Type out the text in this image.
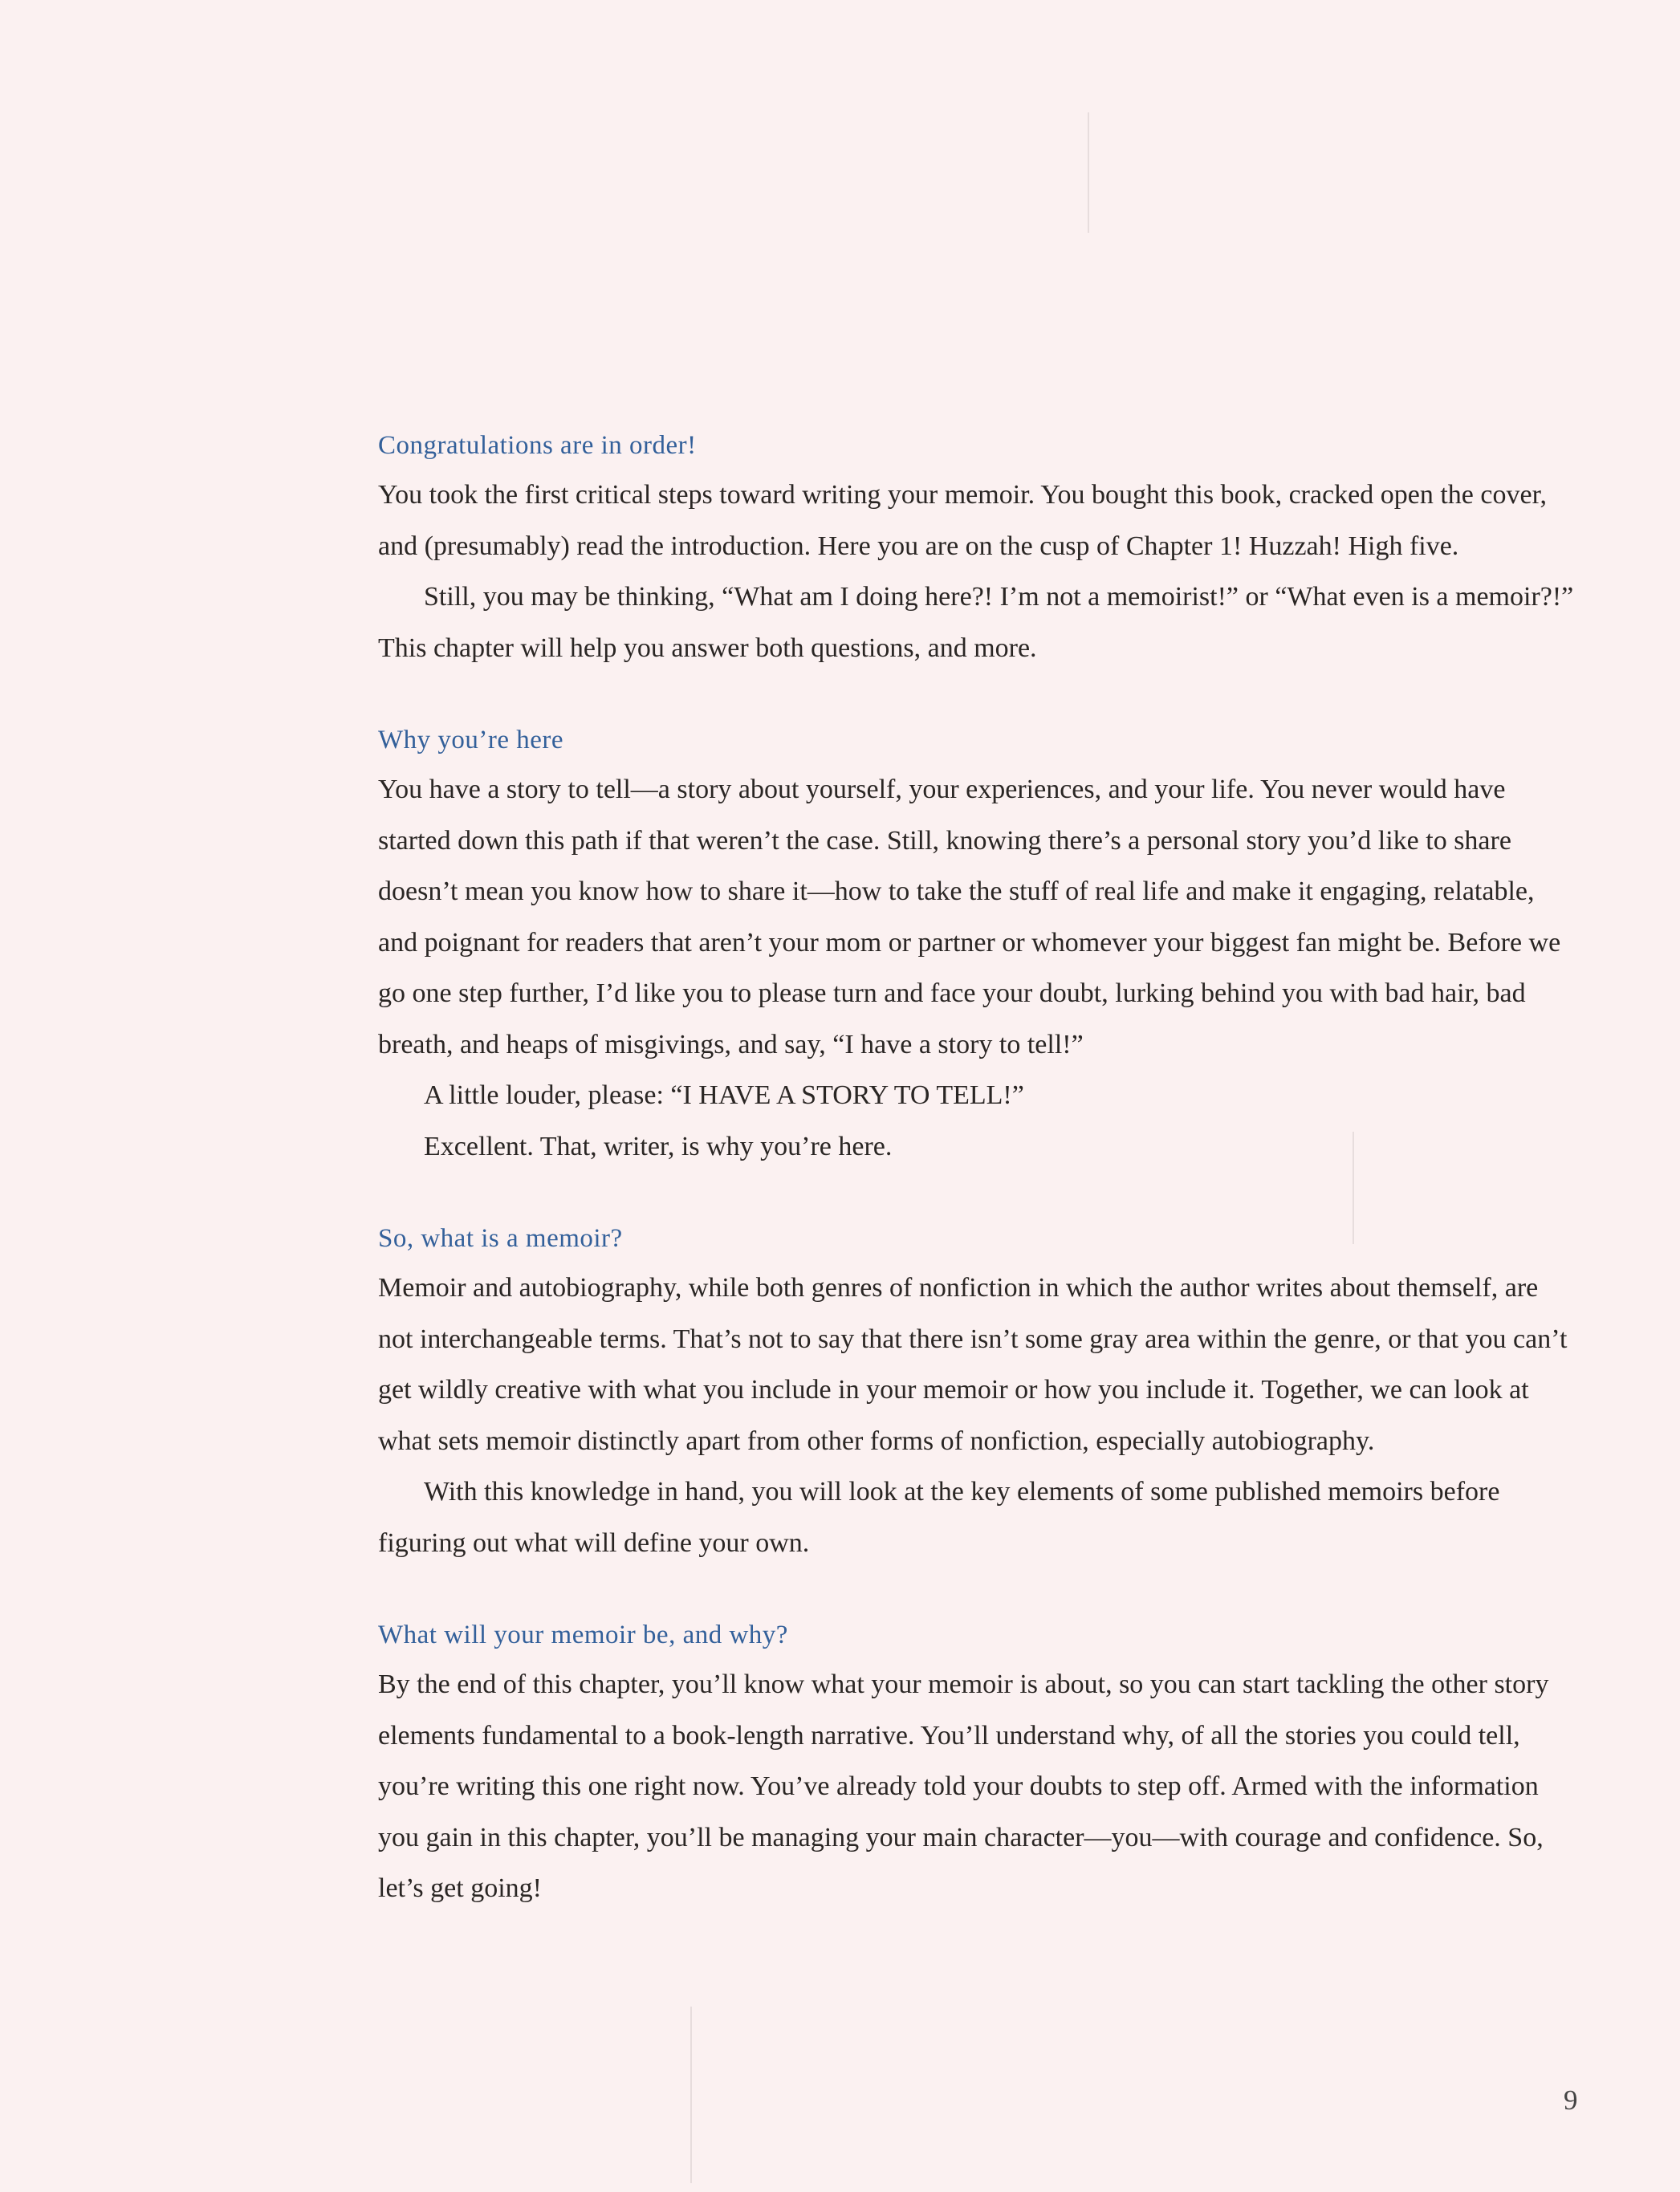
Congratulations are in order!

You took the first critical steps toward writing your memoir. You bought this book, cracked open the cover, and (presumably) read the introduction. Here you are on the cusp of Chapter 1! Huzzah! High five.

Still, you may be thinking, “What am I doing here?! I’m not a memoirist!” or “What even is a memoir?!” This chapter will help you answer both questions, and more.

Why you’re here

You have a story to tell—a story about yourself, your experiences, and your life. You never would have started down this path if that weren’t the case. Still, knowing there’s a personal story you’d like to share doesn’t mean you know how to share it—how to take the stuff of real life and make it engaging, relatable, and poignant for readers that aren’t your mom or partner or whomever your biggest fan might be. Before we go one step further, I’d like you to please turn and face your doubt, lurking behind you with bad hair, bad breath, and heaps of misgivings, and say, “I have a story to tell!”

A little louder, please: “I HAVE A STORY TO TELL!”

Excellent. That, writer, is why you’re here.

So, what is a memoir?

Memoir and autobiography, while both genres of nonfiction in which the author writes about themself, are not interchangeable terms. That’s not to say that there isn’t some gray area within the genre, or that you can’t get wildly creative with what you include in your memoir or how you include it. Together, we can look at what sets memoir distinctly apart from other forms of nonfiction, especially autobiography.

With this knowledge in hand, you will look at the key elements of some published memoirs before figuring out what will define your own.

What will your memoir be, and why?

By the end of this chapter, you’ll know what your memoir is about, so you can start tackling the other story elements fundamental to a book-length narrative. You’ll understand why, of all the stories you could tell, you’re writing this one right now. You’ve already told your doubts to step off. Armed with the information you gain in this chapter, you’ll be managing your main character—you—with courage and confidence. So, let’s get going!

9
